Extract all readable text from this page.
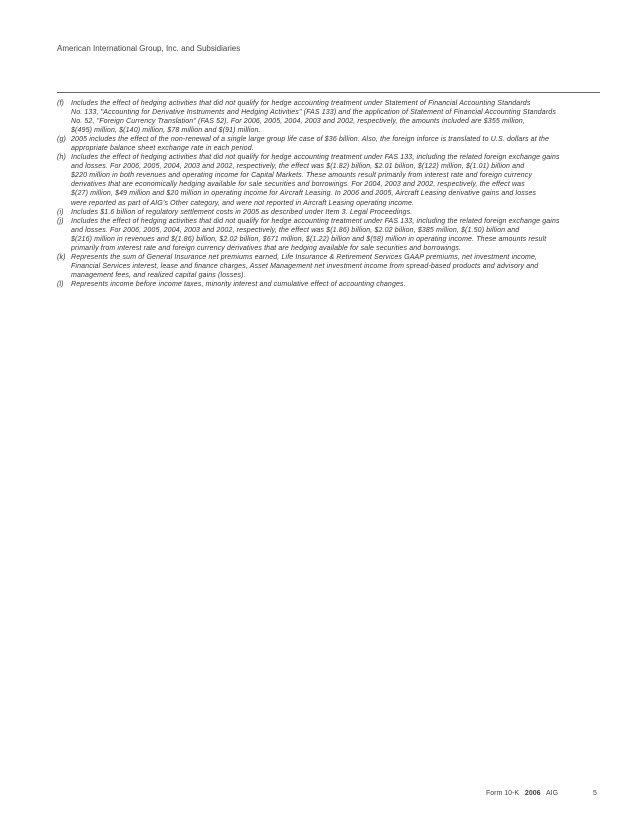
American International Group, Inc. and Subsidiaries
(f) Includes the effect of hedging activities that did not qualify for hedge accounting treatment under Statement of Financial Accounting Standards
No. 133, "Accounting for Derivative Instruments and Hedging Activities" (FAS 133) and the application of Statement of Financial Accounting Standards
No. 52, "Foreign Currency Translation" (FAS 52). For 2006, 2005, 2004, 2003 and 2002, respectively, the amounts included are $355 million,
$(495) million, $(140) million, $78 million and $(91) million.
(g) 2005 includes the effect of the non-renewal of a single large group life case of $36 billion. Also, the foreign inforce is translated to U.S. dollars at the
appropriate balance sheet exchange rate in each period.
(h) Includes the effect of hedging activities that did not qualify for hedge accounting treatment under FAS 133, including the related foreign exchange gains
and losses. For 2006, 2005, 2004, 2003 and 2002, respectively, the effect was $(1.82) billion, $2.01 billion, $(122) million, $(1.01) billion and
$220 million in both revenues and operating income for Capital Markets. These amounts result primarily from interest rate and foreign currency
derivatives that are economically hedging available for sale securities and borrowings. For 2004, 2003 and 2002, respectively, the effect was
$(27) million, $49 million and $20 million in operating income for Aircraft Leasing. In 2006 and 2005, Aircraft Leasing derivative gains and losses
were reported as part of AIG's Other category, and were not reported in Aircraft Leasing operating income.
(i) Includes $1.6 billion of regulatory settlement costs in 2005 as described under Item 3. Legal Proceedings.
(j) Includes the effect of hedging activities that did not qualify for hedge accounting treatment under FAS 133, including the related foreign exchange gains
and losses. For 2006, 2005, 2004, 2003 and 2002, respectively, the effect was $(1.86) billion, $2.02 billion, $385 million, $(1.50) billion and
$(216) million in revenues and $(1.86) billion, $2.02 billion, $671 million, $(1.22) billion and $(58) million in operating income. These amounts result
primarily from interest rate and foreign currency derivatives that are hedging available for sale securities and borrowings.
(k) Represents the sum of General Insurance net premiums earned, Life Insurance & Retirement Services GAAP premiums, net investment income,
Financial Services interest, lease and finance charges, Asset Management net investment income from spread-based products and advisory and
management fees, and realized capital gains (losses).
(l) Represents income before income taxes, minority interest and cumulative effect of accounting changes.
Form 10-K 2006 AIG	5
